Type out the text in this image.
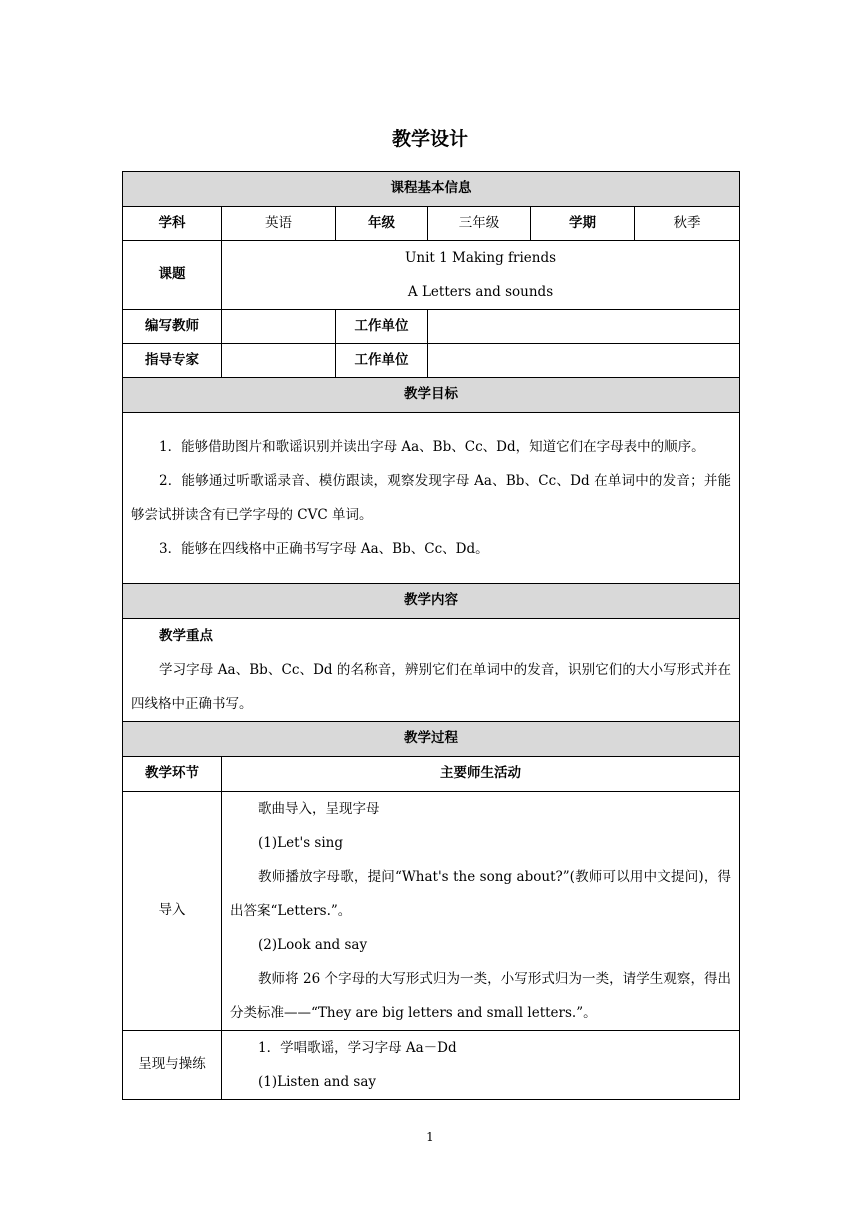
教学设计
课程基本信息					
学科	英语	年级	三年级	学期	秋季
课题	Unit 1 Making friends
A Letters and sounds				

编写教师		工作单位			
指导专家		工作单位			
教学目标					

1．能够借助图片和歌谣识别并读出字母 Aa、Bb、Cc、Dd，知道它们在字母表中的顺序。

2．能够通过听歌谣录音、模仿跟读，观察发现字母 Aa、Bb、Cc、Dd 在单词中的发音；并能够尝试拼读含有已学字母的 CVC 单词。

3．能够在四线格中正确书写字母 Aa、Bb、Cc、Dd。					

教学内容					

教学重点

学习字母 Aa、Bb、Cc、Dd 的名称音，辨别它们在单词中的发音，识别它们的大小写形式并在四线格中正确书写。					

教学过程					
教学环节	主要师生活动				
导入	歌曲导入，呈现字母

(1)Let's sing

教师播放字母歌，提问“What's the song about?”(教师可以用中文提问)，得出答案“Letters.”。

(2)Look and say

教师将 26 个字母的大写形式归为一类，小写形式归为一类，请学生观察，得出分类标准——“They are big letters and small letters.”。				

呈现与操练	1．学唱歌谣，学习字母 Aa－Dd

(1)Listen and say				

1
